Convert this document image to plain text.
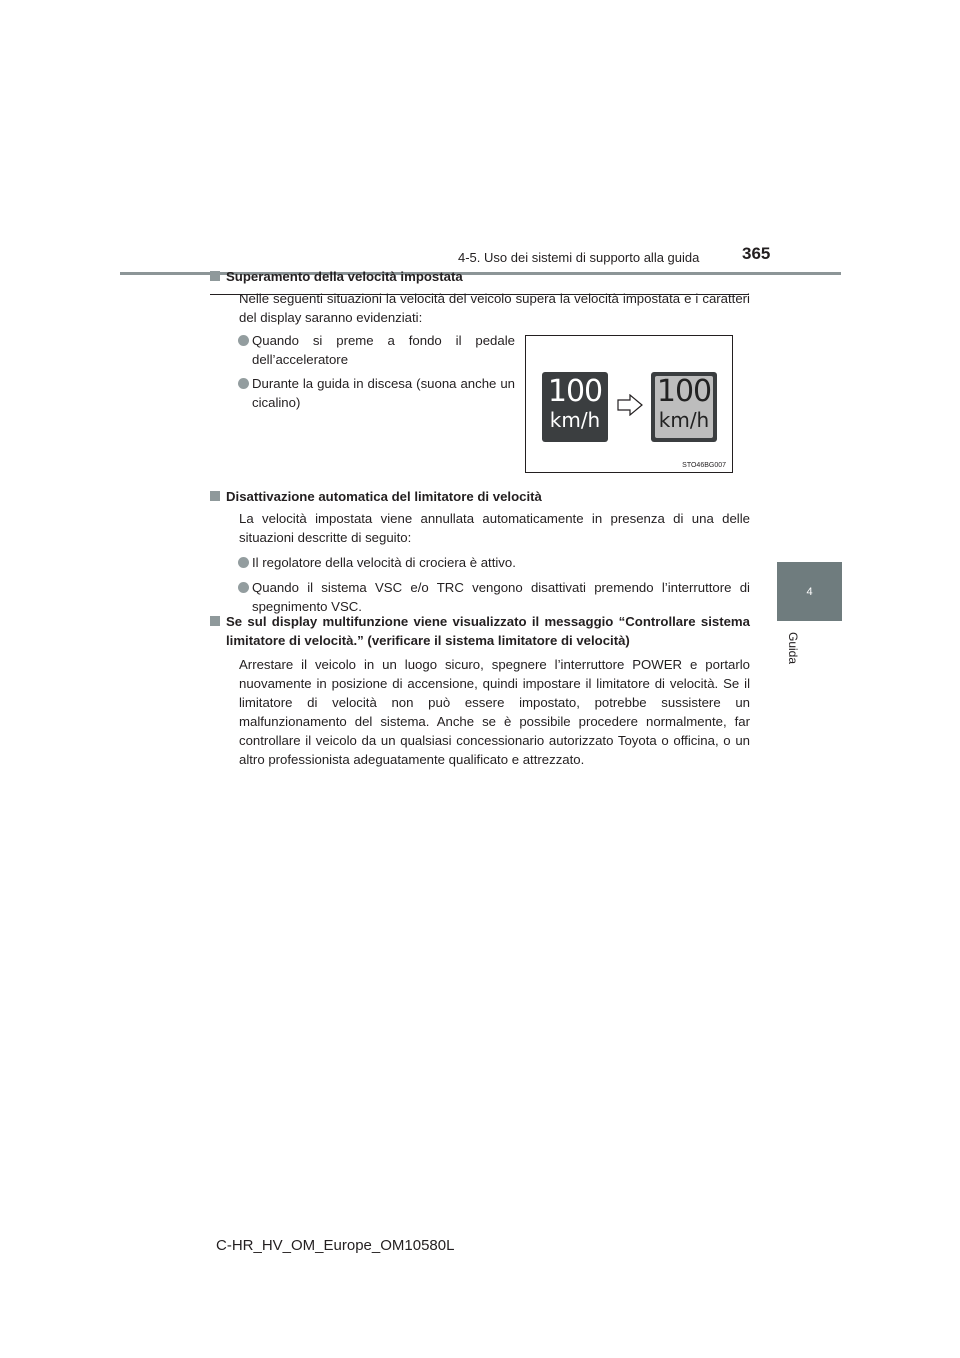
4-5. Uso dei sistemi di supporto alla guida	365
4
Guida
Superamento della velocità impostata
Nelle seguenti situazioni la velocità del veicolo supera la velocità impostata e i caratteri del display saranno evidenziati:
Quando si preme a fondo il pedale dell’acceleratore
Durante la guida in discesa (suona anche un cicalino)	100
km/h
100
km/h
STO46BG007
Disattivazione automatica del limitatore di velocità
La velocità impostata viene annullata automaticamente in presenza di una delle situazioni descritte di seguito:
Il regolatore della velocità di crociera è attivo.
Quando il sistema VSC e/o TRC vengono disattivati premendo l’interruttore di spegnimento VSC.
Se sul display multifunzione viene visualizzato il messaggio “Controllare sistema limitatore di velocità.” (verificare il sistema limitatore di velocità)
Arrestare il veicolo in un luogo sicuro, spegnere l’interruttore POWER e portarlo nuovamente in posizione di accensione, quindi impostare il limitatore di velocità. Se il limitatore di velocità non può essere impostato, potrebbe sussistere un malfunzionamento del sistema. Anche se è possibile procedere normalmente, far controllare il veicolo da un qualsiasi concessionario autorizzato Toyota o officina, o un altro professionista adeguatamente qualificato e attrezzato.
C-HR_HV_OM_Europe_OM10580L
